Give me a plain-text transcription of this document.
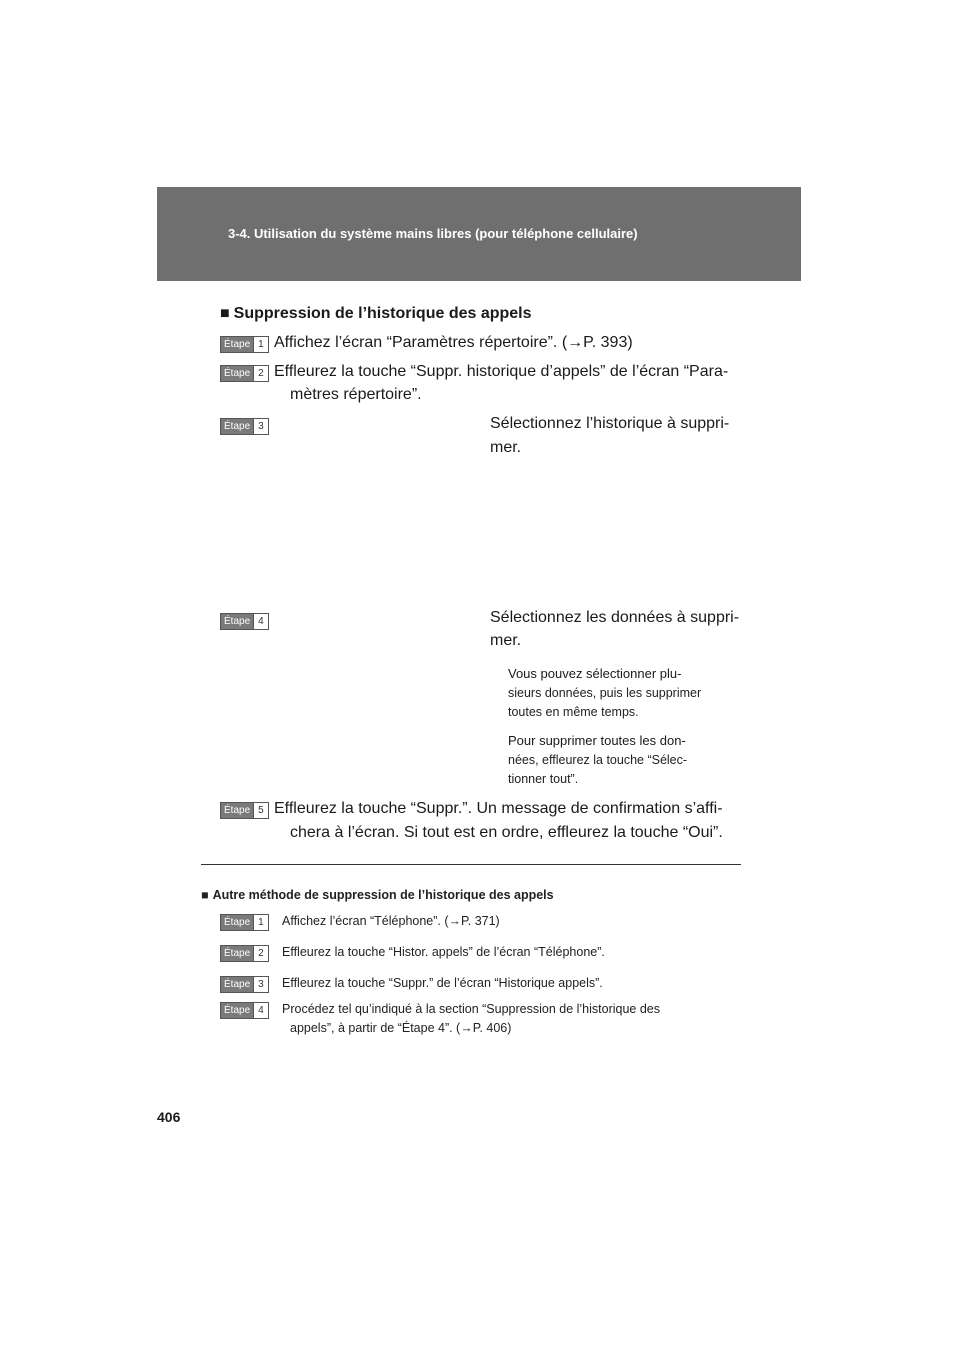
3-4. Utilisation du système mains libres (pour téléphone cellulaire)
■ Suppression de l’historique des appels
Étape 1 Affichez l’écran “Paramètres répertoire”. (→P. 393)
Étape 2 Effleurez la touche “Suppr. historique d’appels” de l’écran “Para-
mètres répertoire”.
Étape 3	Sélectionnez l’historique à suppri-
mer.
Étape 4	Sélectionnez les données à suppri-
mer.
Vous pouvez sélectionner plu-
sieurs données, puis les supprimer
toutes en même temps.
Pour supprimer toutes les don-
nées, effleurez la touche “Sélec-
tionner tout”.
Étape 5 Effleurez la touche “Suppr.”. Un message de confirmation s’affi-
chera à l’écran. Si tout est en ordre, effleurez la touche “Oui”.
■ Autre méthode de suppression de l’historique des appels
Étape 1	Affichez l’écran “Téléphone”. (→P. 371)
Étape 2	Effleurez la touche “Histor. appels” de l’écran “Téléphone”.
Étape 3	Effleurez la touche “Suppr.” de l’écran “Historique appels”.
Étape 4	Procédez tel qu’indiqué à la section “Suppression de l’historique des
appels”, à partir de “Étape 4”. (→P. 406)
406
